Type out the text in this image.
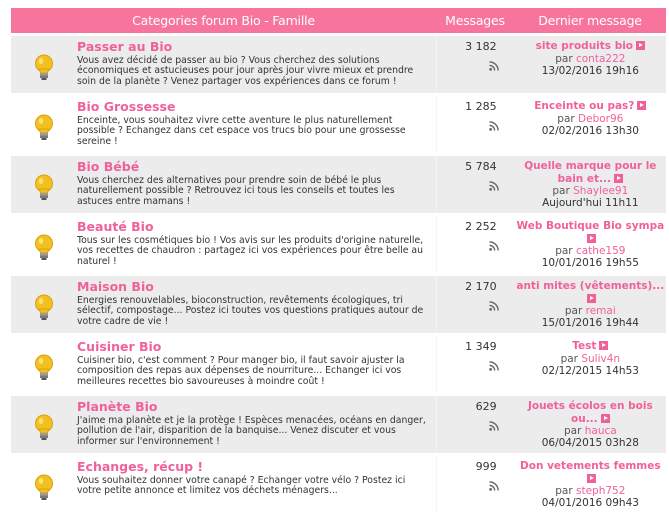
Categories forum Bio - Famille	Messages	Dernier message
Passer au Bio
Vous avez décidé de passer au bio ? Vous cherchez des solutions économiques et astucieuses pour jour après jour vivre mieux et prendre soin de la planète ? Venez partager vos expériences dans ce forum !
3 182	site produits bio
par conta222
13/02/2016 19h16
Bio Grossesse
Enceinte, vous souhaitez vivre cette aventure le plus naturellement possible ? Echangez dans cet espace vos trucs bio pour une grossesse sereine !
1 285	Enceinte ou pas?
par Debor96
02/02/2016 13h30
Bio Bébé
Vous cherchez des alternatives pour prendre soin de bébé le plus naturellement possible ? Retrouvez ici tous les conseils et toutes les astuces entre mamans !
5 784	Quelle marque pour le bain et...
par Shaylee91
Aujourd'hui 11h11
Beauté Bio
Tous sur les cosmétiques bio ! Vos avis sur les produits d'origine naturelle, vos recettes de chaudron : partagez ici vos expériences pour être belle au naturel !
2 252 Web Boutique Bio sympa
par cathe159
10/01/2016 19h55
Maison Bio
Energies renouvelables, bioconstruction, revêtements écologiques, tri sélectif, compostage... Postez ici toutes vos questions pratiques autour de votre cadre de vie !
2 170 anti mites (vêtements)...
par remai
15/01/2016 19h44
Cuisiner Bio
Cuisiner bio, c'est comment ? Pour manger bio, il faut savoir ajuster la composition des repas aux dépenses de nourriture... Echanger ici vos meilleures recettes bio savoureuses à moindre coût !
1 349	Test
par Suliv4n
02/12/2015 14h53
Planète Bio
J'aime ma planète et je la protège ! Espèces menacées, océans en danger, pollution de l'air, disparition de la banquise... Venez discuter et vous informer sur l'environnement !
629	Jouets écolos en bois ou...
par hauca
06/04/2015 03h28
Echanges, récup !
Vous souhaitez donner votre canapé ? Echanger votre vélo ? Postez ici votre petite annonce et limitez vos déchets ménagers...
999	Don vetements femmes
par steph752
04/01/2016 09h43
